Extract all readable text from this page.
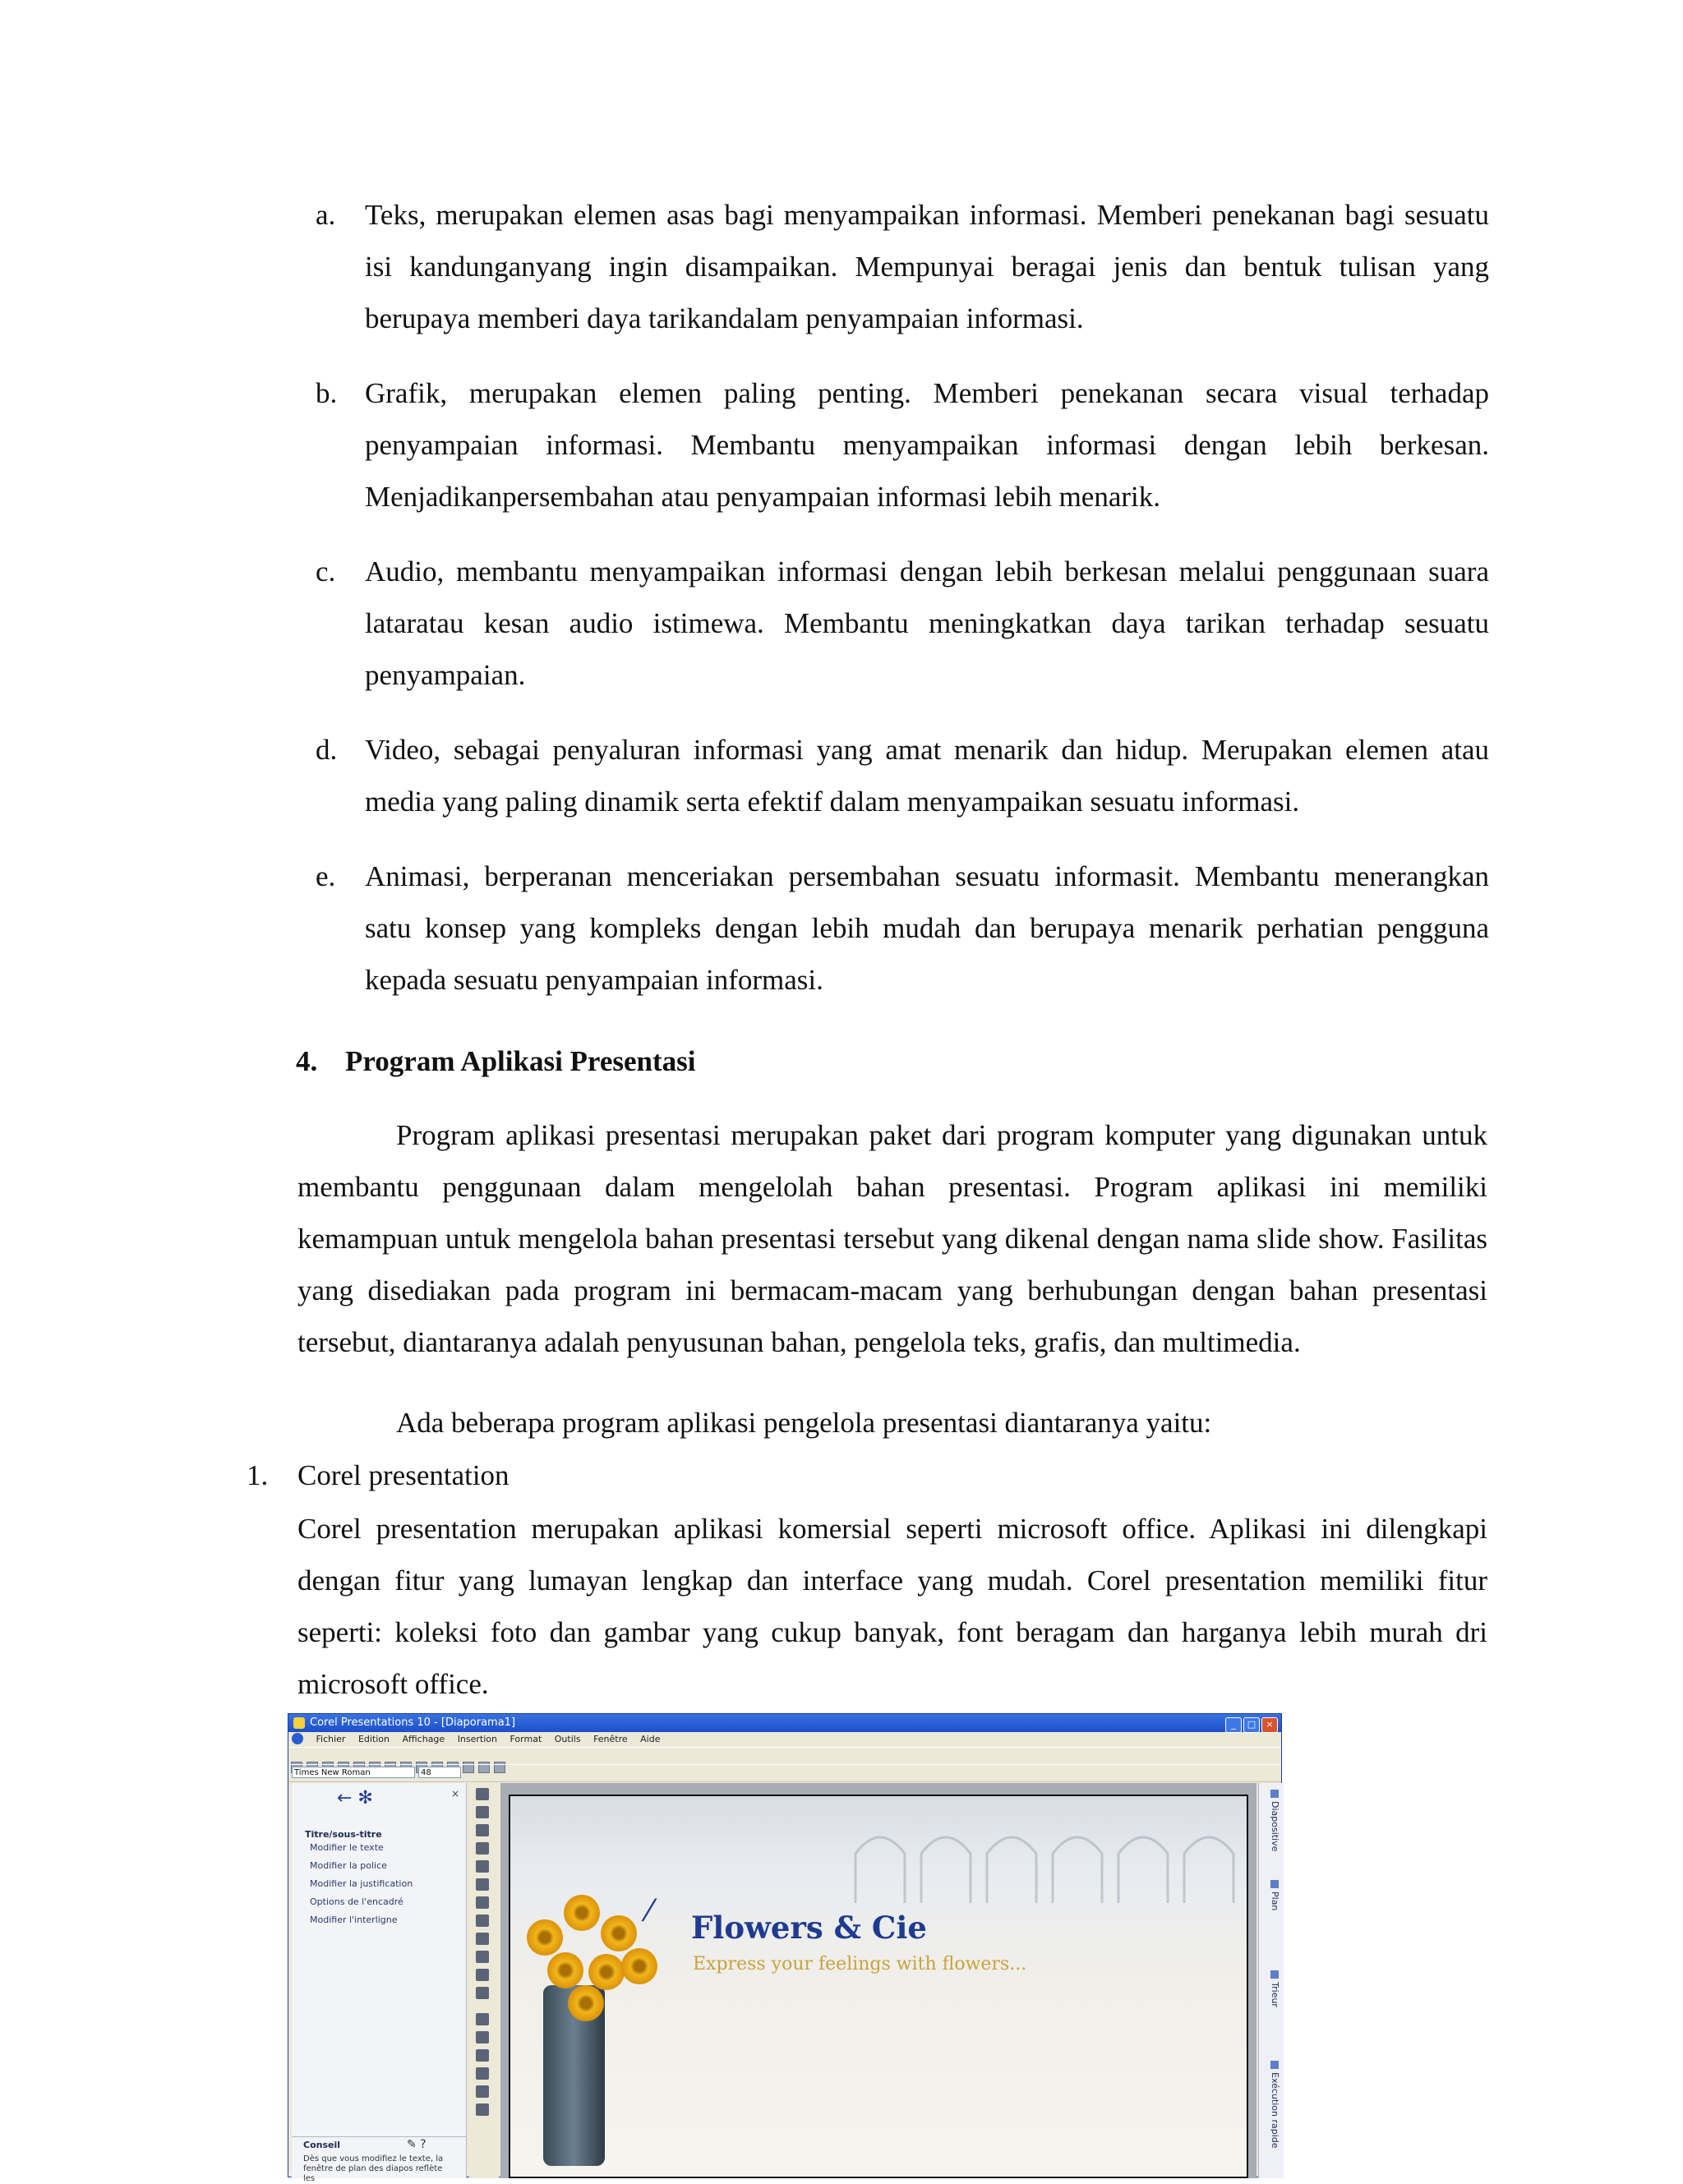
a.	Teks, merupakan elemen asas bagi menyampaikan informasi. Memberi penekanan bagi sesuatu isi kandunganyang ingin disampaikan. Mempunyai beragai jenis dan bentuk tulisan yang berupaya memberi daya tarikandalam penyampaian informasi.
b. Grafik, merupakan elemen paling penting. Memberi penekanan secara visual terhadap penyampaian informasi. Membantu menyampaikan informasi dengan lebih berkesan. Menjadikanpersembahan atau penyampaian informasi lebih menarik.
c.	Audio, membantu menyampaikan informasi dengan lebih berkesan melalui penggunaan suara lataratau kesan audio istimewa. Membantu meningkatkan daya tarikan terhadap sesuatu penyampaian.
d. Video, sebagai penyaluran informasi yang amat menarik dan hidup. Merupakan elemen atau media yang paling dinamik serta efektif dalam menyampaikan sesuatu informasi.
e.	Animasi, berperanan menceriakan persembahan sesuatu informasit. Membantu menerangkan satu konsep yang kompleks dengan lebih mudah dan berupaya menarik perhatian pengguna kepada sesuatu penyampaian informasi.
4. Program Aplikasi Presentasi
Program aplikasi presentasi merupakan paket dari program komputer yang digunakan untuk membantu penggunaan dalam mengelolah bahan presentasi. Program aplikasi ini memiliki kemampuan untuk mengelola bahan presentasi tersebut yang dikenal dengan nama slide show. Fasilitas yang disediakan pada program ini bermacam-macam yang berhubungan dengan bahan presentasi tersebut, diantaranya adalah penyusunan bahan, pengelola teks, grafis, dan multimedia.
Ada beberapa program aplikasi pengelola presentasi diantaranya yaitu:
1. Corel presentation
Corel presentation merupakan aplikasi komersial seperti microsoft office. Aplikasi ini dilengkapi dengan fitur yang lumayan lengkap dan interface yang mudah. Corel presentation memiliki fitur seperti: koleksi foto dan gambar yang cukup banyak, font beragam dan harganya lebih murah dri microsoft office.
Corel Presentations 10 - [Diaporama1]	_ □ ×
Fichier Edition Affichage Insertion Format Outils Fenêtre Aide
Times New Roman	48
← ✻	×
Titre/sous-titre
Modifier le texte
Modifier la police
Modifier la justification
Options de l'encadré
Modifier l'interligne
Conseil	✎ ?
Dès que vous modifiez le texte, la fenêtre de plan des diapos reflète les
⁄ Flowers & Cie
Express your feelings with flowers...
Diapositive
Plan
Trieur
Exécution rapide
